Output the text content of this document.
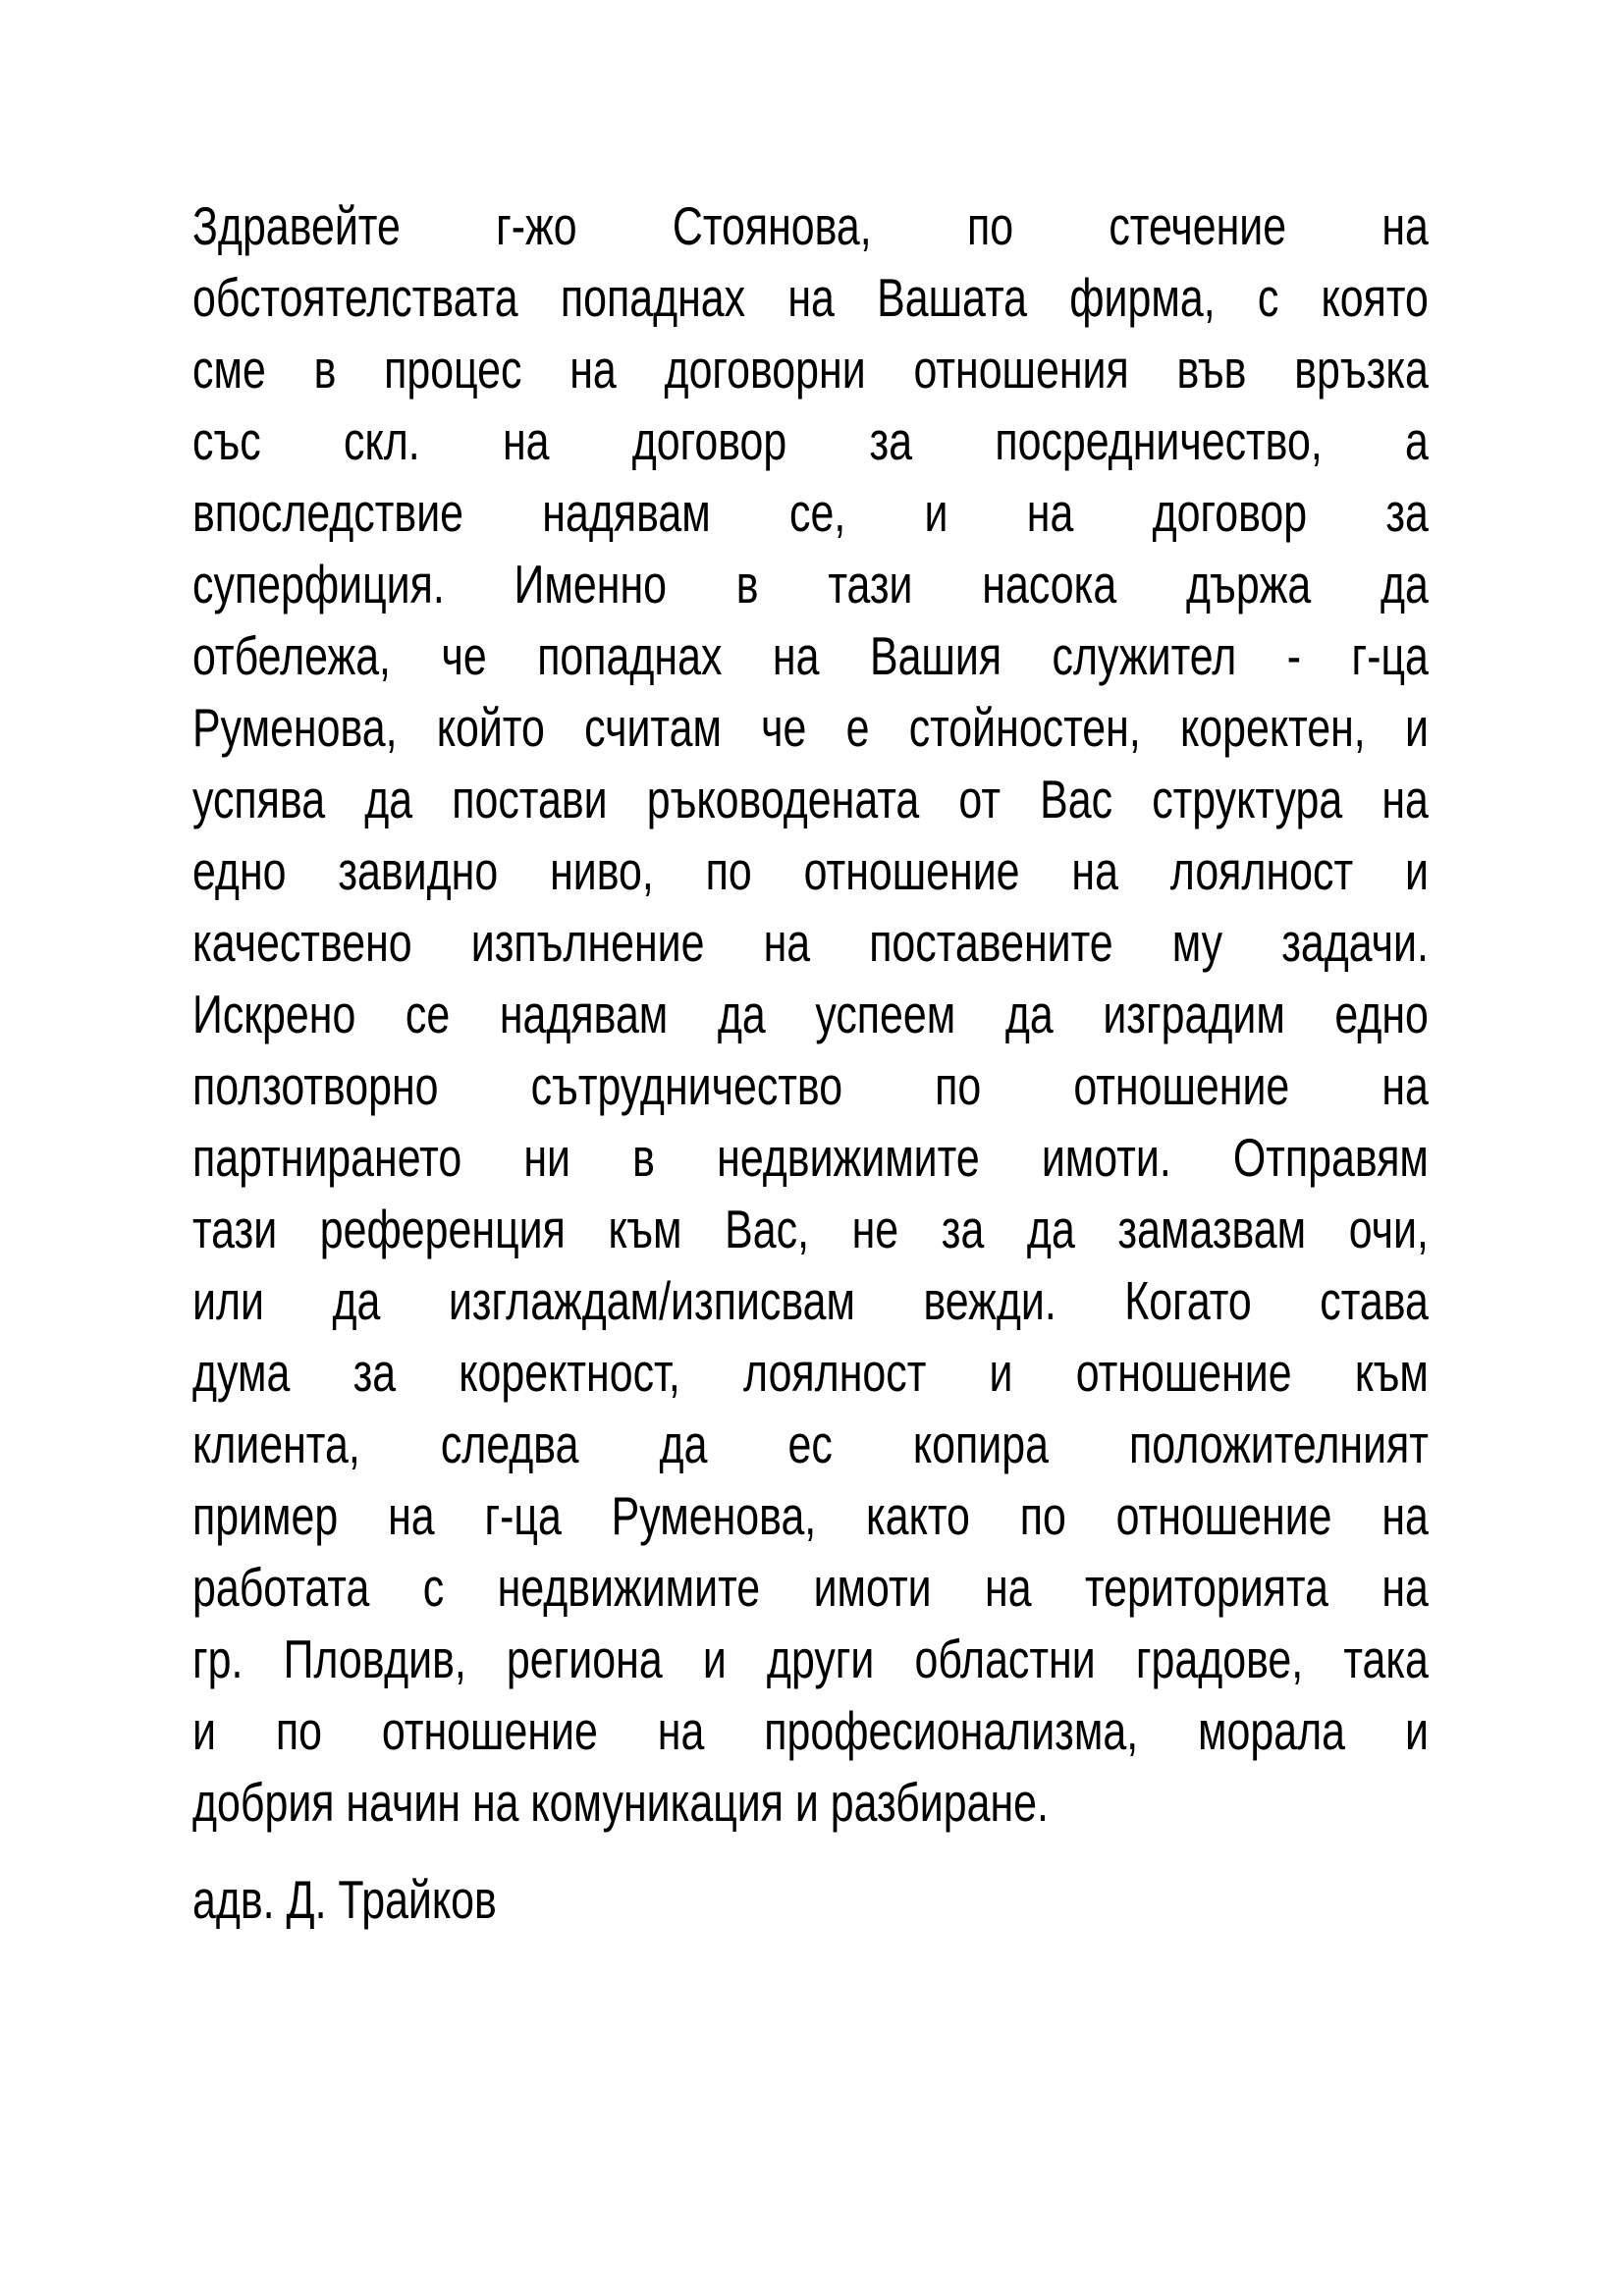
Здравейте г-жо Стоянова, по стечение на
обстоятелствата попаднах на Вашата фирма, с която
сме в процес на договорни отношения във връзка
със скл. на договор за посредничество, а
впоследствие надявам се, и на договор за
суперфиция. Именно в тази насока държа да
отбележа, че попаднах на Вашия служител - г-ца
Руменова, който считам че е стойностен, коректен, и
успява да постави ръководената от Вас структура на
едно завидно ниво, по отношение на лоялност и
качествено изпълнение на поставените му задачи.
Искрено се надявам да успеем да изградим едно
ползотворно сътрудничество по отношение на
партнирането ни в недвижимите имоти. Отправям
тази референция към Вас, не за да замазвам очи,
или да изглаждам/изписвам вежди. Когато става
дума за коректност, лоялност и отношение към
клиента, следва да ес копира положителният
пример на г-ца Руменова, както по отношение на
работата с недвижимите имоти на територията на
гр. Пловдив, региона и други областни градове, така
и по отношение на професионализма, морала и
добрия начин на комуникация и разбиране.
адв. Д. Трайков
